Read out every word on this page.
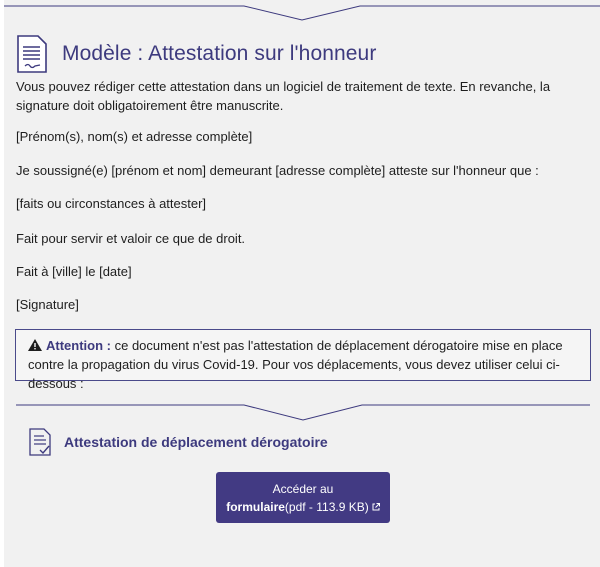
Modèle : Attestation sur l'honneur

Vous pouvez rédiger cette attestation dans un logiciel de traitement de texte. En revanche, la signature doit obligatoirement être manuscrite.

[Prénom(s), nom(s) et adresse complète]

Je soussigné(e) [prénom et nom] demeurant [adresse complète] atteste sur l'honneur que :

[faits ou circonstances à attester]

Fait pour servir et valoir ce que de droit.

Fait à [ville] le [date]

[Signature]

Attention : ce document n'est pas l'attestation de déplacement dérogatoire mise en place contre la propagation du virus Covid-19. Pour vos déplacements, vous devez utiliser celui ci-dessous :
Attestation de déplacement dérogatoire
Accéder au
formulaire(pdf - 113.9 KB)
